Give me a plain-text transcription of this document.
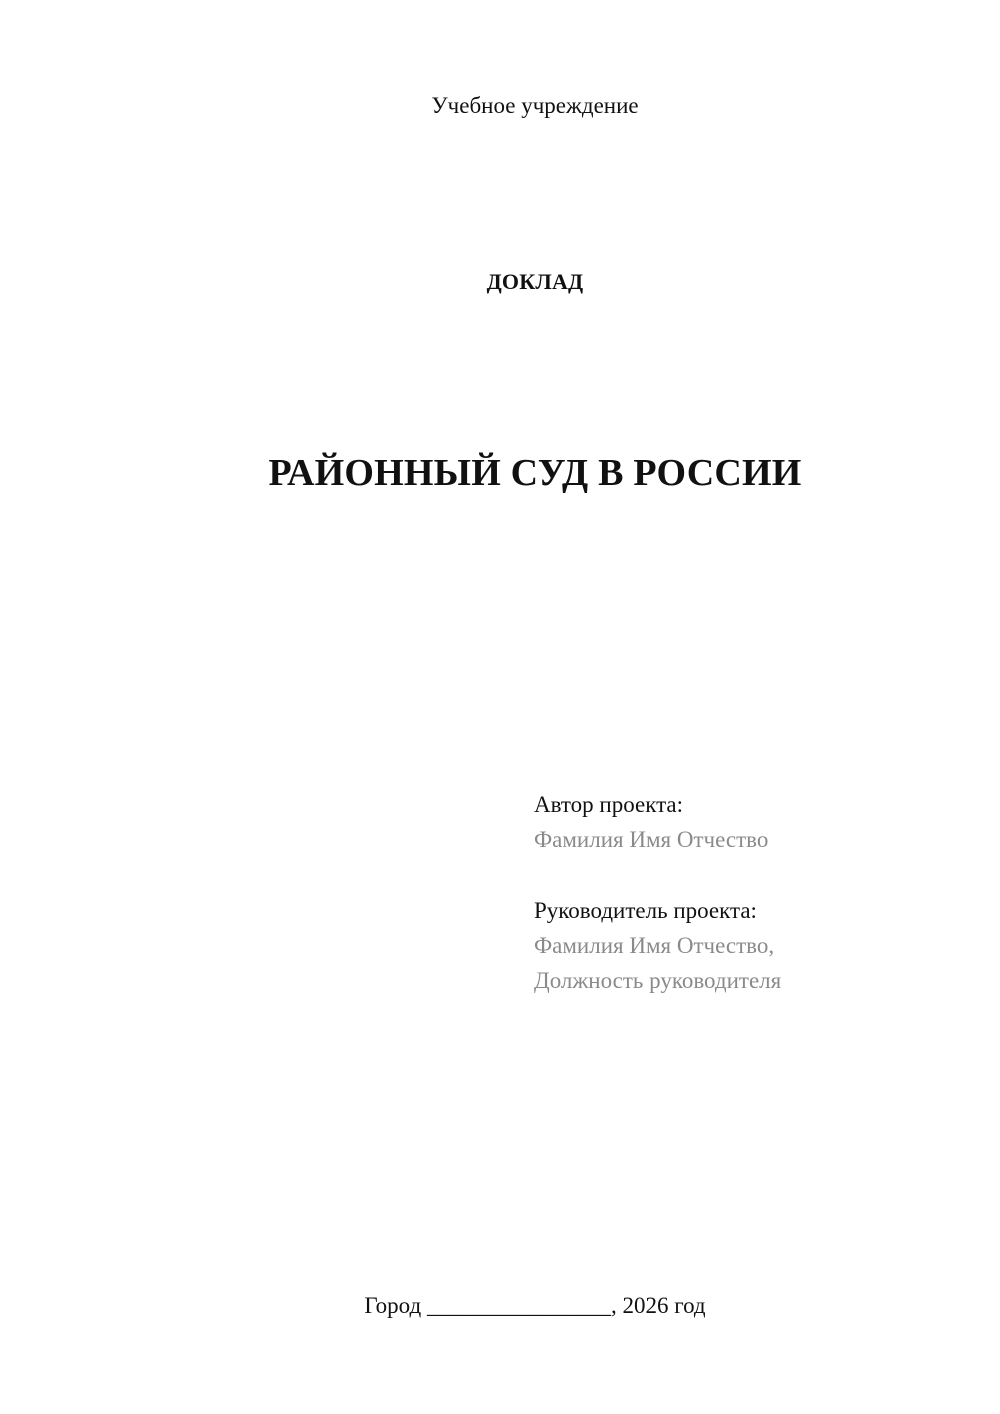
Учебное учреждение
ДОКЛАД
РАЙОННЫЙ СУД В РОССИИ
Автор проекта:
Фамилия Имя Отчество
Руководитель проекта:
Фамилия Имя Отчество,
Должность руководителя
Город ________________, 2026 год
